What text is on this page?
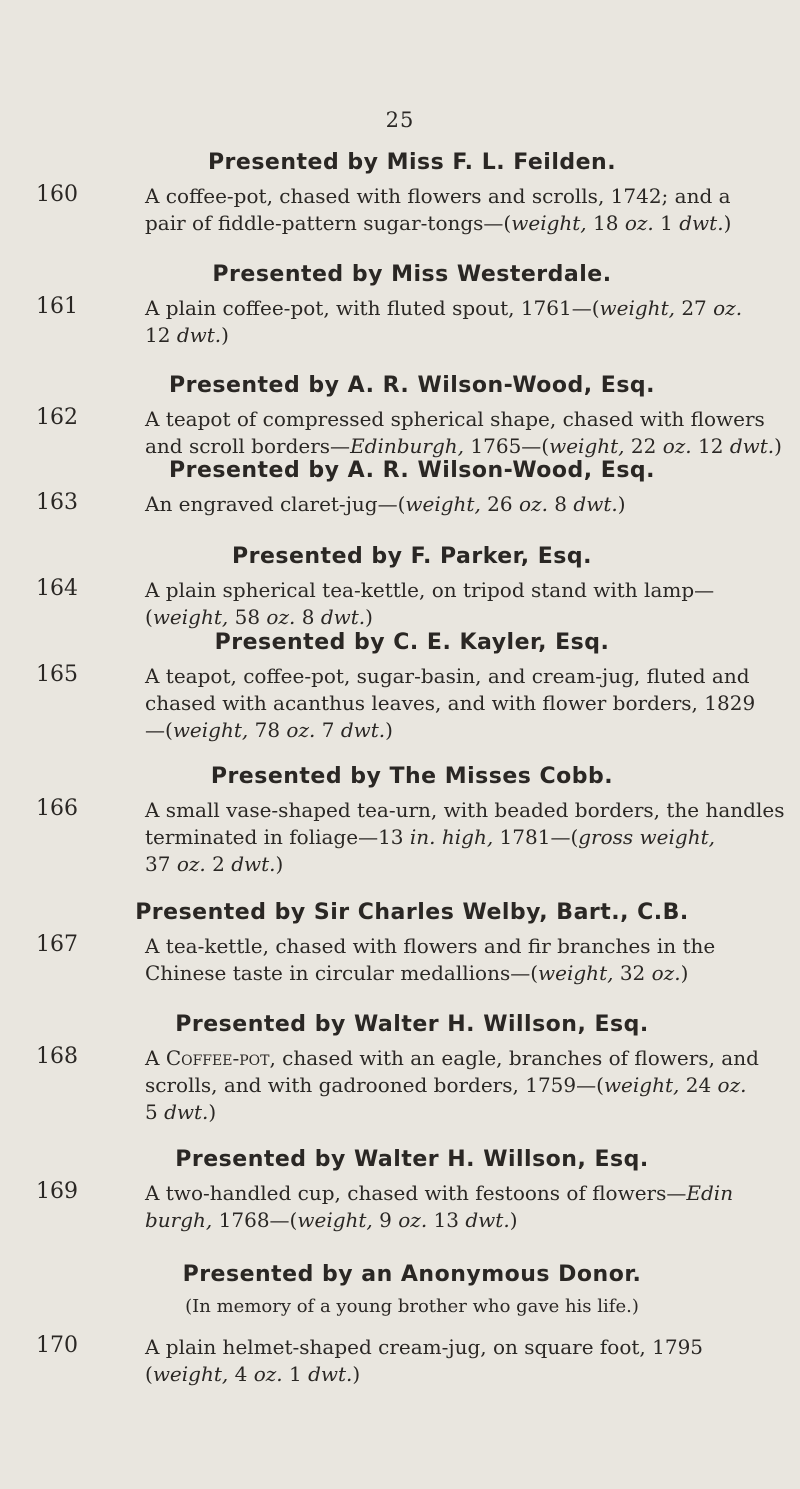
25
Presented by Miss F. L. Feilden.
160	A coffee-pot, chased with flowers and scrolls, 1742; and a
pair of fiddle-pattern sugar-tongs—(weight, 18 oz. 1 dwt.)
Presented by Miss Westerdale.
161	A plain coffee-pot, with fluted spout, 1761—(weight, 27 oz.
12 dwt.)
Presented by A. R. Wilson-Wood, Esq.
162	A teapot of compressed spherical shape, chased with flowers
and scroll borders—Edinburgh, 1765—(weight, 22 oz. 12 dwt.)
Presented by A. R. Wilson-Wood, Esq.
163	An engraved claret-jug—(weight, 26 oz. 8 dwt.)
Presented by F. Parker, Esq.
164	A plain spherical tea-kettle, on tripod stand with lamp—
(weight, 58 oz. 8 dwt.)
Presented by C. E. Kayler, Esq.
165	A teapot, coffee-pot, sugar-basin, and cream-jug, fluted and
chased with acanthus leaves, and with flower borders, 1829
—(weight, 78 oz. 7 dwt.)
Presented by The Misses Cobb.
166	A small vase-shaped tea-urn, with beaded borders, the handles
terminated in foliage—13 in. high, 1781—(gross weight,
37 oz. 2 dwt.)
Presented by Sir Charles Welby, Bart., C.B.
167	A tea-kettle, chased with flowers and fir branches in the
Chinese taste in circular medallions—(weight, 32 oz.)
Presented by Walter H. Willson, Esq.
168	A Coffee-pot, chased with an eagle, branches of flowers, and
scrolls, and with gadrooned borders, 1759—(weight, 24 oz.
5 dwt.)
Presented by Walter H. Willson, Esq.
169	A two-handled cup, chased with festoons of flowers—Edin
burgh, 1768—(weight, 9 oz. 13 dwt.)
Presented by an Anonymous Donor.
(In memory of a young brother who gave his life.)
170	A plain helmet-shaped cream-jug, on square foot, 1795
(weight, 4 oz. 1 dwt.)
